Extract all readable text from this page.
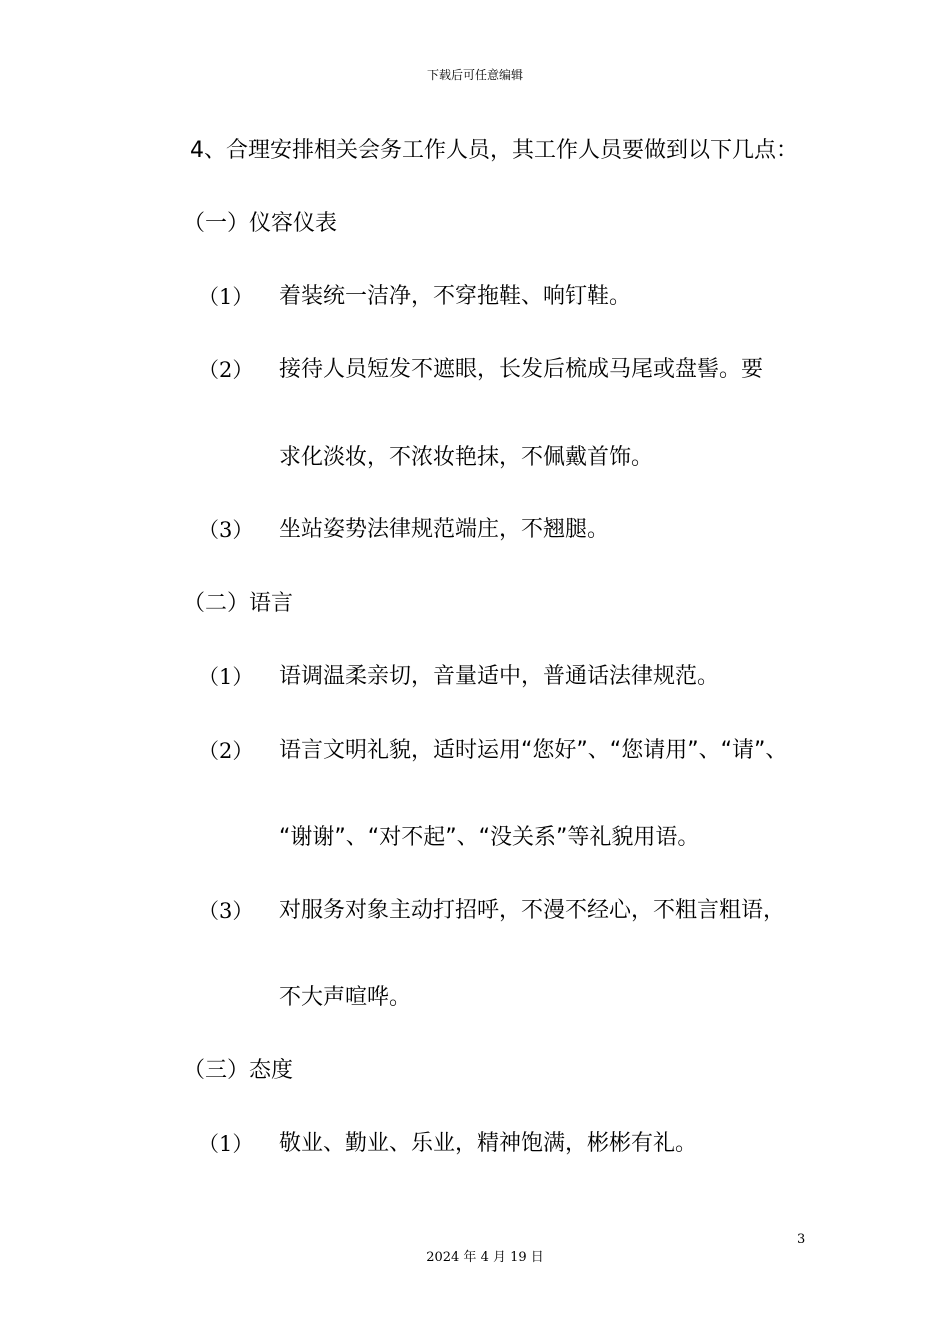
下载后可任意编辑
4、合理安排相关会务工作人员，其工作人员要做到以下几点：
（一）仪容仪表
（1） 着装统一洁净，不穿拖鞋、响钉鞋。
（2） 接待人员短发不遮眼，长发后梳成马尾或盘髻。要
求化淡妆，不浓妆艳抹，不佩戴首饰。
（3） 坐站姿势法律规范端庄，不翘腿。
（二）语言
（1） 语调温柔亲切，音量适中，普通话法律规范。
（2） 语言文明礼貌，适时运用“您好”、“您请用”、“请”、
“谢谢”、“对不起”、“没关系”等礼貌用语。
（3） 对服务对象主动打招呼，不漫不经心，不粗言粗语，
不大声喧哗。
（三）态度
（1） 敬业、勤业、乐业，精神饱满，彬彬有礼。
3
2024 年 4 月 19 日
